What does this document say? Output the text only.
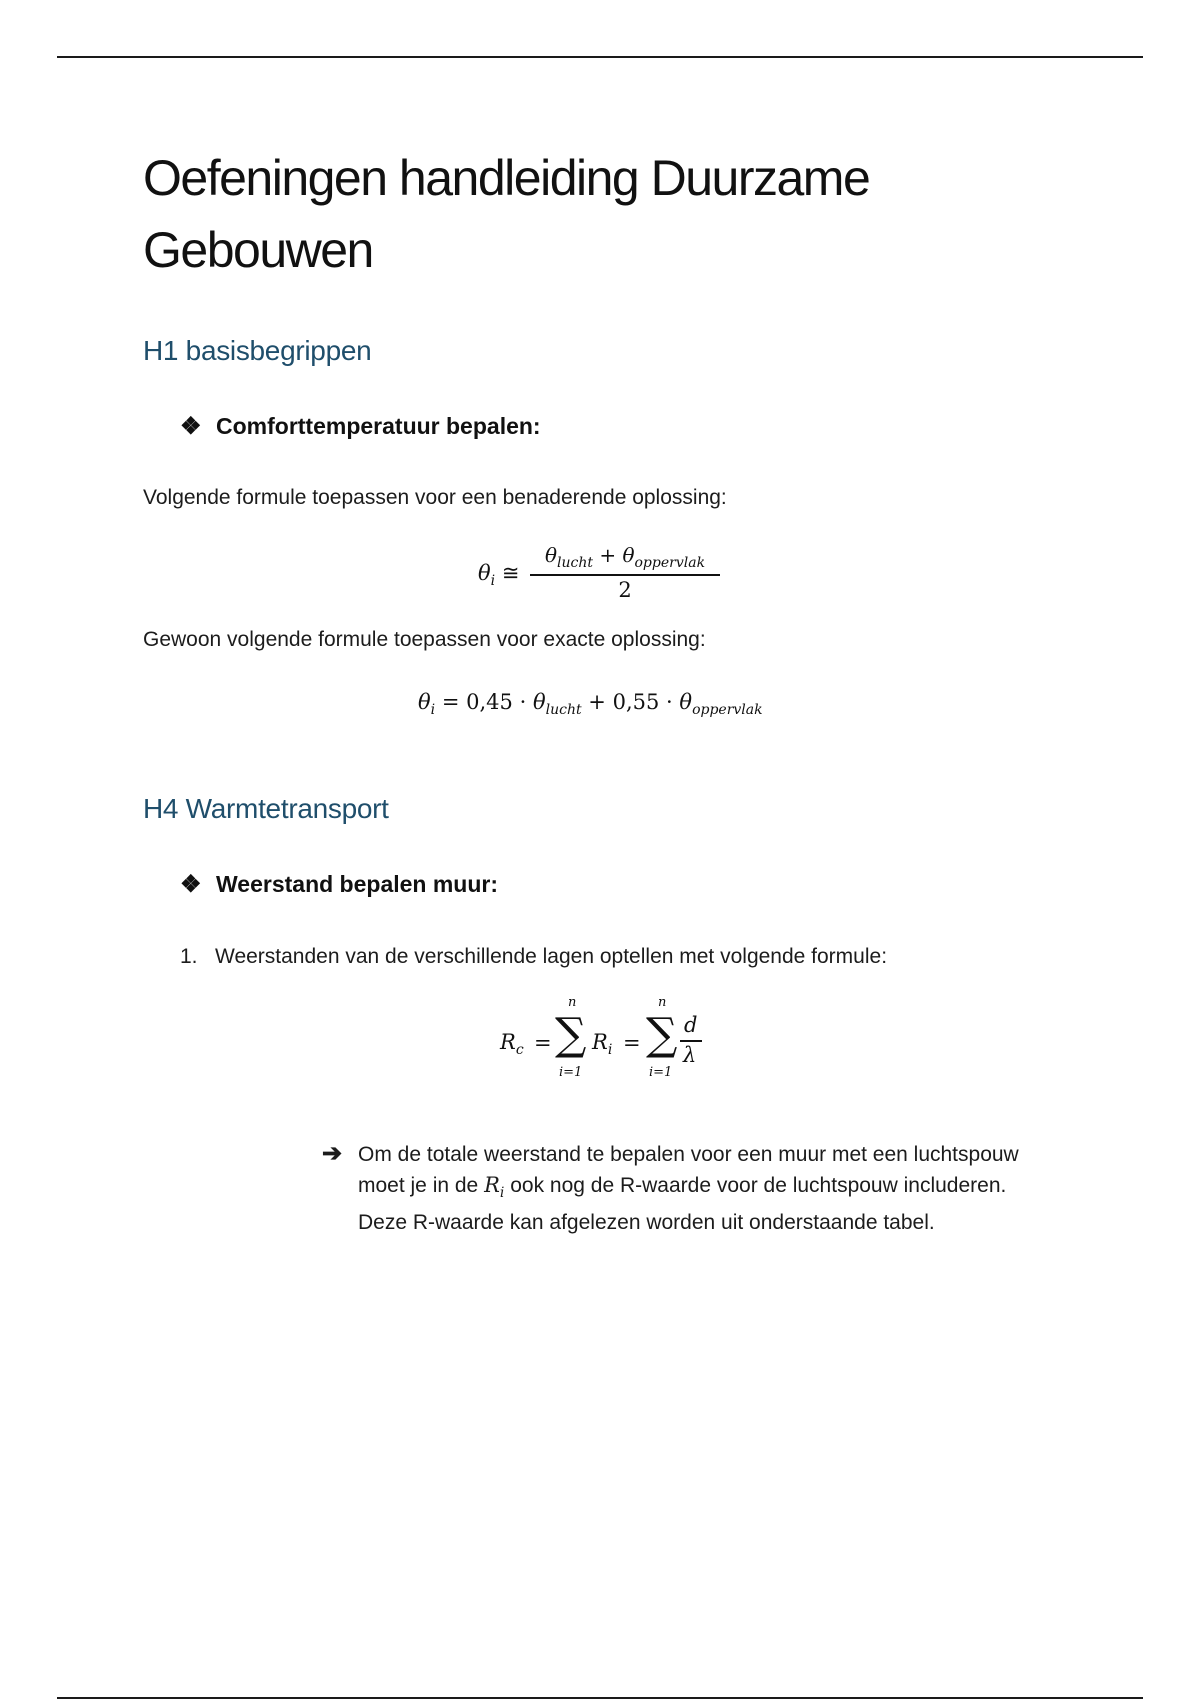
Oefeningen handleiding Duurzame Gebouwen
H1 basisbegrippen
❖ Comforttemperatuur bepalen:
Volgende formule toepassen voor een benaderende oplossing:
$\theta_i$ ≅
$\theta_{lucht} + \theta_{oppervlak}$
2
Gewoon volgende formule toepassen voor exacte oplossing:
$\theta_i = 0,45 \cdot \theta_{lucht} + 0,55 \cdot \theta_{oppervlak}$
H4 Warmtetransport
❖ Weerstand bepalen muur:
1. Weerstanden van de verschillende lagen optellen met volgende formule:
$R_c$ =
n
∑
i=1
$R_i$ =
n
∑
i=1
d
λ
➔ Om de totale weerstand te bepalen voor een muur met een luchtspouw moet je in de $R_i$ ook nog de R-waarde voor de luchtspouw includeren. Deze R-waarde kan afgelezen worden uit onderstaande tabel.
